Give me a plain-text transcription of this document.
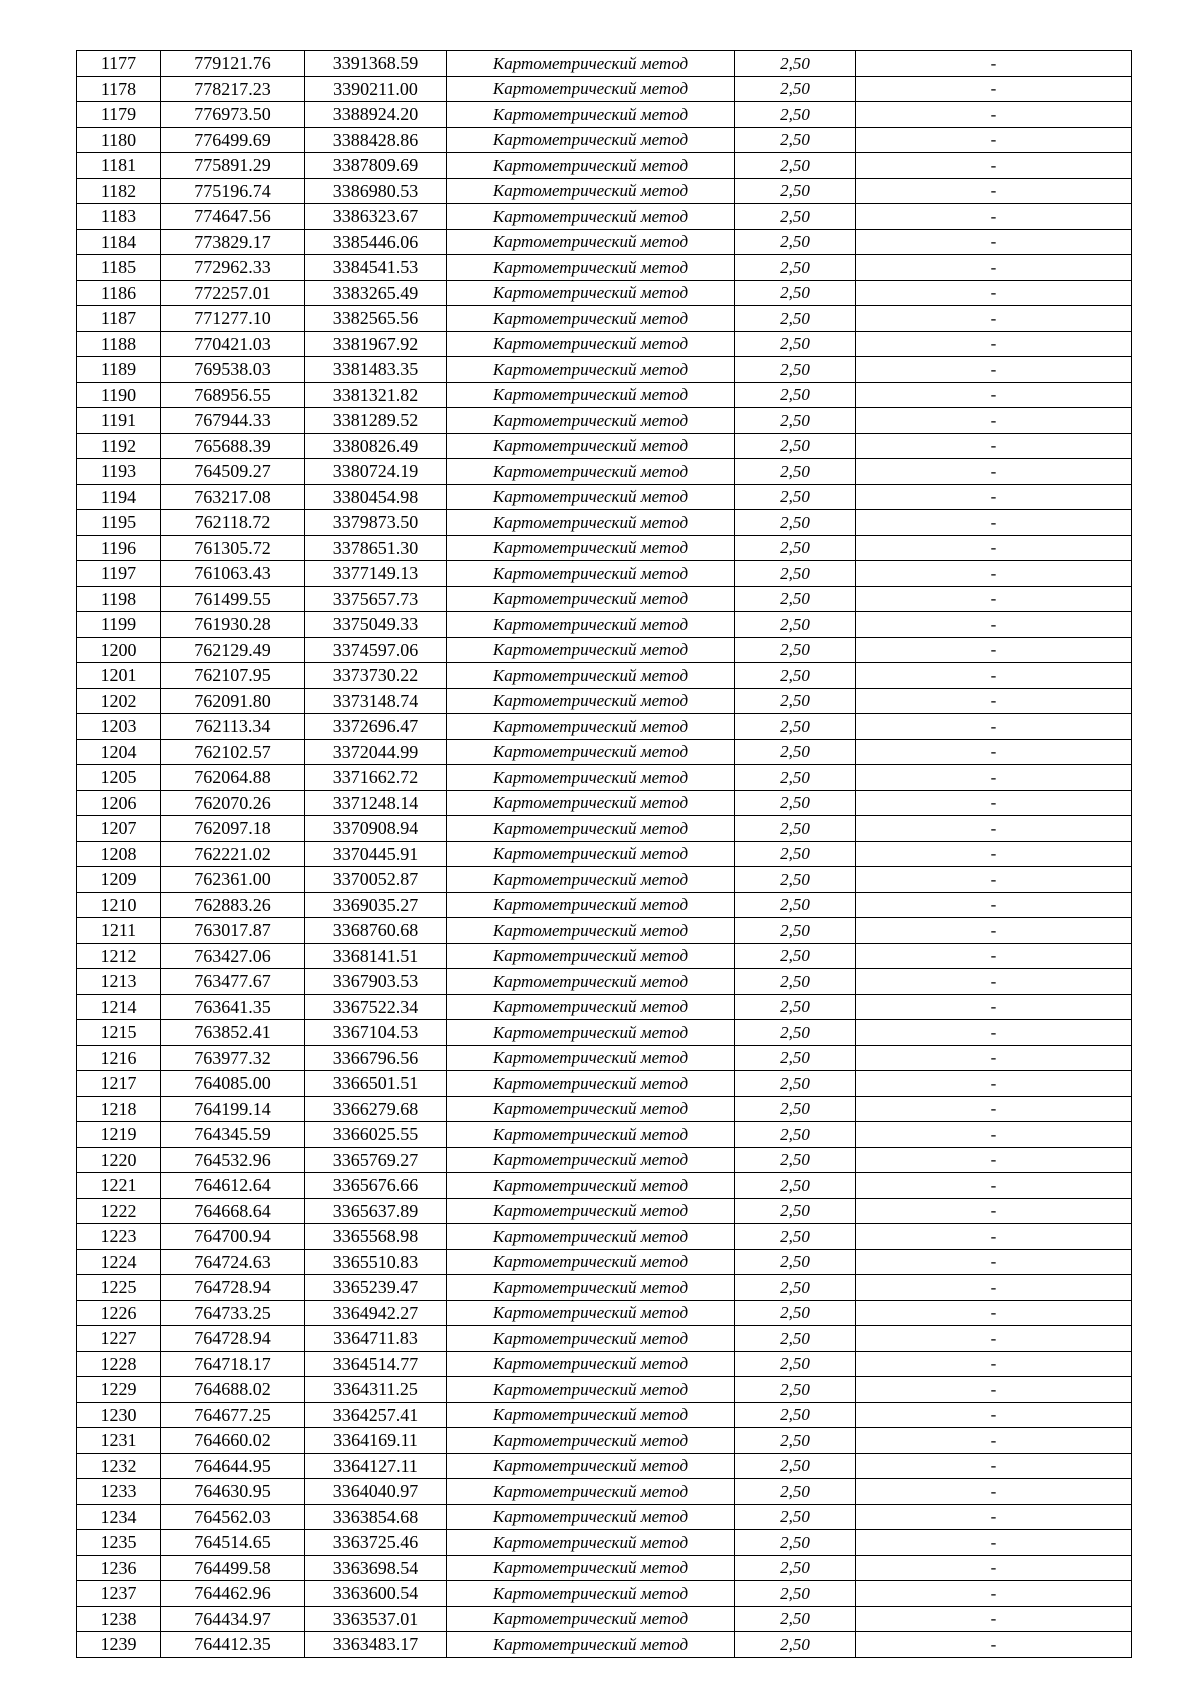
1177	779121.76	3391368.59	Картометрический метод	2,50	-
1178	778217.23	3390211.00	Картометрический метод	2,50	-
1179	776973.50	3388924.20	Картометрический метод	2,50	-
1180	776499.69	3388428.86	Картометрический метод	2,50	-
1181	775891.29	3387809.69	Картометрический метод	2,50	-
1182	775196.74	3386980.53	Картометрический метод	2,50	-
1183	774647.56	3386323.67	Картометрический метод	2,50	-
1184	773829.17	3385446.06	Картометрический метод	2,50	-
1185	772962.33	3384541.53	Картометрический метод	2,50	-
1186	772257.01	3383265.49	Картометрический метод	2,50	-
1187	771277.10	3382565.56	Картометрический метод	2,50	-
1188	770421.03	3381967.92	Картометрический метод	2,50	-
1189	769538.03	3381483.35	Картометрический метод	2,50	-
1190	768956.55	3381321.82	Картометрический метод	2,50	-
1191	767944.33	3381289.52	Картометрический метод	2,50	-
1192	765688.39	3380826.49	Картометрический метод	2,50	-
1193	764509.27	3380724.19	Картометрический метод	2,50	-
1194	763217.08	3380454.98	Картометрический метод	2,50	-
1195	762118.72	3379873.50	Картометрический метод	2,50	-
1196	761305.72	3378651.30	Картометрический метод	2,50	-
1197	761063.43	3377149.13	Картометрический метод	2,50	-
1198	761499.55	3375657.73	Картометрический метод	2,50	-
1199	761930.28	3375049.33	Картометрический метод	2,50	-
1200	762129.49	3374597.06	Картометрический метод	2,50	-
1201	762107.95	3373730.22	Картометрический метод	2,50	-
1202	762091.80	3373148.74	Картометрический метод	2,50	-
1203	762113.34	3372696.47	Картометрический метод	2,50	-
1204	762102.57	3372044.99	Картометрический метод	2,50	-
1205	762064.88	3371662.72	Картометрический метод	2,50	-
1206	762070.26	3371248.14	Картометрический метод	2,50	-
1207	762097.18	3370908.94	Картометрический метод	2,50	-
1208	762221.02	3370445.91	Картометрический метод	2,50	-
1209	762361.00	3370052.87	Картометрический метод	2,50	-
1210	762883.26	3369035.27	Картометрический метод	2,50	-
1211	763017.87	3368760.68	Картометрический метод	2,50	-
1212	763427.06	3368141.51	Картометрический метод	2,50	-
1213	763477.67	3367903.53	Картометрический метод	2,50	-
1214	763641.35	3367522.34	Картометрический метод	2,50	-
1215	763852.41	3367104.53	Картометрический метод	2,50	-
1216	763977.32	3366796.56	Картометрический метод	2,50	-
1217	764085.00	3366501.51	Картометрический метод	2,50	-
1218	764199.14	3366279.68	Картометрический метод	2,50	-
1219	764345.59	3366025.55	Картометрический метод	2,50	-
1220	764532.96	3365769.27	Картометрический метод	2,50	-
1221	764612.64	3365676.66	Картометрический метод	2,50	-
1222	764668.64	3365637.89	Картометрический метод	2,50	-
1223	764700.94	3365568.98	Картометрический метод	2,50	-
1224	764724.63	3365510.83	Картометрический метод	2,50	-
1225	764728.94	3365239.47	Картометрический метод	2,50	-
1226	764733.25	3364942.27	Картометрический метод	2,50	-
1227	764728.94	3364711.83	Картометрический метод	2,50	-
1228	764718.17	3364514.77	Картометрический метод	2,50	-
1229	764688.02	3364311.25	Картометрический метод	2,50	-
1230	764677.25	3364257.41	Картометрический метод	2,50	-
1231	764660.02	3364169.11	Картометрический метод	2,50	-
1232	764644.95	3364127.11	Картометрический метод	2,50	-
1233	764630.95	3364040.97	Картометрический метод	2,50	-
1234	764562.03	3363854.68	Картометрический метод	2,50	-
1235	764514.65	3363725.46	Картометрический метод	2,50	-
1236	764499.58	3363698.54	Картометрический метод	2,50	-
1237	764462.96	3363600.54	Картометрический метод	2,50	-
1238	764434.97	3363537.01	Картометрический метод	2,50	-
1239	764412.35	3363483.17	Картометрический метод	2,50	-
